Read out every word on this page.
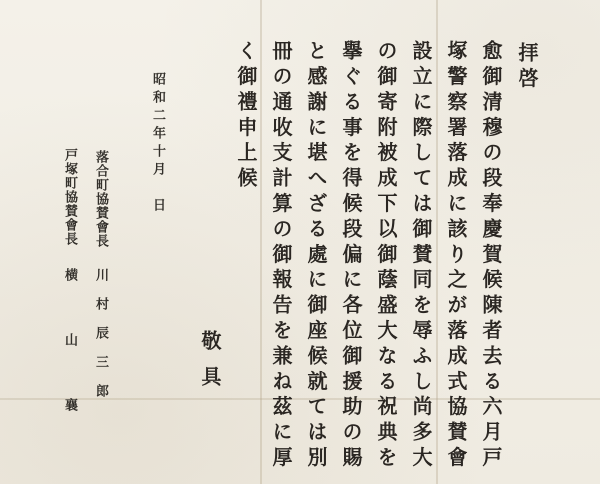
拝啓
愈御清穆の段奉慶賀候陳者去る六月戸
塚警察署落成に該り之が落成式協賛會
設立に際しては御賛同を辱ふし尚多大
の御寄附被成下以御蔭盛大なる祝典を
擧ぐる事を得候段偏に各位御援助の賜
と感謝に堪へざる處に御座候就ては別
冊の通收支計算の御報告を兼ね茲に厚
く御禮申上候
敬具
昭和二年十月　日
落合町協賛會長
川村辰三郎
戸塚町協賛會長
横山襄
